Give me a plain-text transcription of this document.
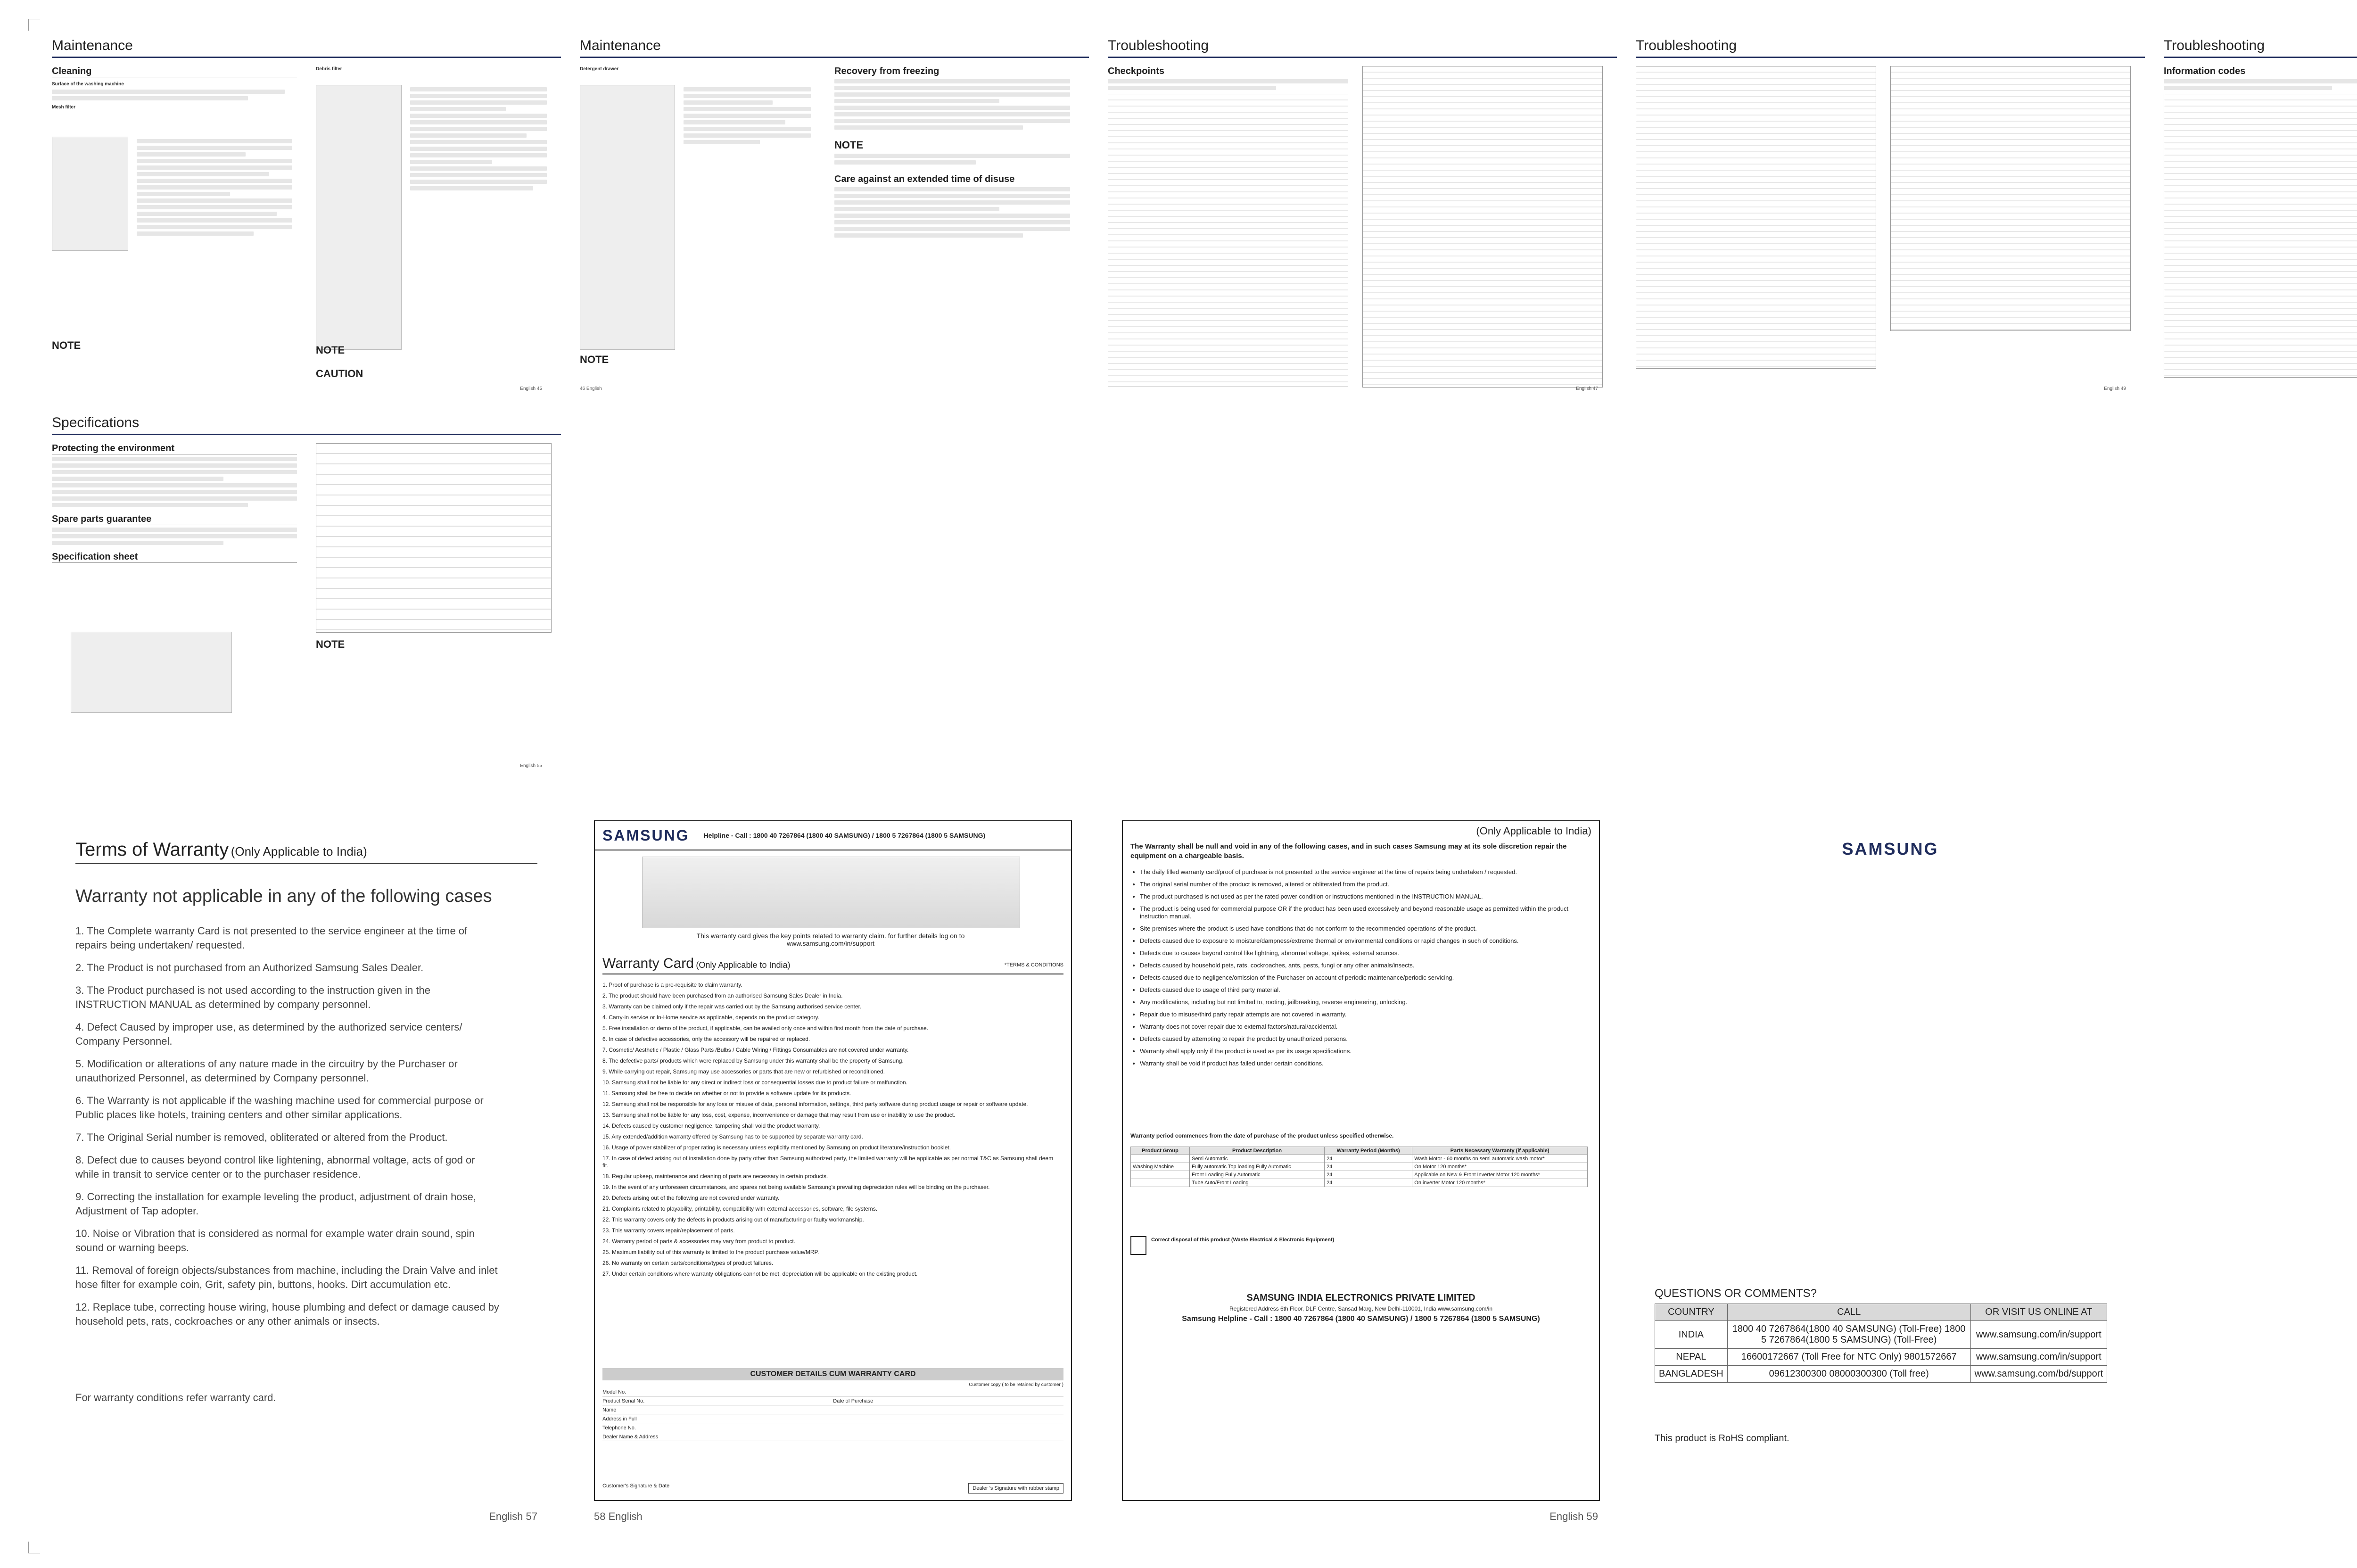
Maintenance
Cleaning
Surface of the washing machine
Mesh filter
NOTE
Debris filter
NOTE
CAUTION
English 45
Maintenance
Detergent drawer
NOTE
Recovery from freezing
NOTE
Care against an extended time of disuse
46 English
Troubleshooting
Checkpoints
English 47
Troubleshooting
English 49
Troubleshooting
Information codes
Specifications
Protecting the environment
Spare parts guarantee
Specification sheet
NOTE
English 55
Terms of Warranty (Only Applicable to India)
Warranty not applicable in any of the following cases
1. The Complete warranty Card is not presented to the service engineer at the time of repairs being undertaken/ requested.
2. The Product is not purchased from an Authorized Samsung Sales Dealer.
3. The Product purchased is not used according to the instruction given in the INSTRUCTION MANUAL as determined by company personnel.
4. Defect Caused by improper use, as determined by the authorized service centers/ Company Personnel.
5. Modification or alterations of any nature made in the circuitry by the Purchaser or unauthorized Personnel, as determined by Company personnel.
6. The Warranty is not applicable if the washing machine used for commercial purpose or Public places like hotels, training centers and other similar applications.
7. The Original Serial number is removed, obliterated or altered from the Product.
8. Defect due to causes beyond control like lightening, abnormal voltage, acts of god or while in transit to service center or to the purchaser residence.
9. Correcting the installation for example leveling the product, adjustment of drain hose, Adjustment of Tap adopter.
10. Noise or Vibration that is considered as normal for example water drain sound, spin sound or warning beeps.
11. Removal of foreign objects/substances from machine, including the Drain Valve and inlet hose filter for example coin, Grit, safety pin, buttons, hooks. Dirt accumulation etc.
12. Replace tube, correcting house wiring, house plumbing and defect or damage caused by household pets, rats, cockroaches or any other animals or insects.
For warranty conditions refer warranty card.
English 57
SAMSUNG Helpline - Call : 1800 40 7267864 (1800 40 SAMSUNG) / 1800 5 7267864 (1800 5 SAMSUNG)
This warranty card gives the key points related to warranty claim. for further details log on to www.samsung.com/in/support
Warranty Card (Only Applicable to India)	*TERMS & CONDITIONS
1. Proof of purchase is a pre-requisite to claim warranty.
2. The product should have been purchased from an authorised Samsung Sales Dealer in India.
3. Warranty can be claimed only if the repair was carried out by the Samsung authorised service center.
4. Carry-in service or In-Home service as applicable, depends on the product category.
5. Free installation or demo of the product, if applicable, can be availed only once and within first month from the date of purchase.
6. In case of defective accessories, only the accessory will be repaired or replaced.
7. Cosmetic/ Aesthetic / Plastic / Glass Parts /Bulbs / Cable Wiring / Fittings Consumables are not covered under warranty.
8. The defective parts/ products which were replaced by Samsung under this warranty shall be the property of Samsung.
9. While carrying out repair, Samsung may use accessories or parts that are new or refurbished or reconditioned.
10. Samsung shall not be liable for any direct or indirect loss or consequential losses due to product failure or malfunction.
11. Samsung shall be free to decide on whether or not to provide a software update for its products.
12. Samsung shall not be responsible for any loss or misuse of data, personal information, settings, third party software during product usage or repair or software update.
13. Samsung shall not be liable for any loss, cost, expense, inconvenience or damage that may result from use or inability to use the product.
14. Defects caused by customer negligence, tampering shall void the product warranty.
15. Any extended/addition warranty offered by Samsung has to be supported by separate warranty card.
16. Usage of power stabilizer of proper rating is necessary unless explicitly mentioned by Samsung on product literature/instruction booklet.
17. In case of defect arising out of installation done by party other than Samsung authorized party, the limited warranty will be applicable as per normal T&C as Samsung shall deem fit.
18. Regular upkeep, maintenance and cleaning of parts are necessary in certain products.
19. In the event of any unforeseen circumstances, and spares not being available Samsung's prevailing depreciation rules will be binding on the purchaser.
20. Defects arising out of the following are not covered under warranty.
21. Complaints related to playability, printability, compatibility with external accessories, software, file systems.
22. This warranty covers only the defects in products arising out of manufacturing or faulty workmanship.
23. This warranty covers repair/replacement of parts.
24. Warranty period of parts & accessories may vary from product to product.
25. Maximum liability out of this warranty is limited to the product purchase value/MRP.
26. No warranty on certain parts/conditions/types of product failures.
27. Under certain conditions where warranty obligations cannot be met, depreciation will be applicable on the existing product.
CUSTOMER DETAILS CUM WARRANTY CARD
Customer copy ( to be retained by customer )
Model No.
Product Serial No.	Date of Purchase
Name
Address in Full
Telephone No.
Dealer Name & Address
Customer's Signature & Date	Dealer 's Signature with rubber stamp
58 English
(Only Applicable to India)
The Warranty shall be null and void in any of the following cases, and in such cases Samsung may at its sole discretion repair the equipment on a chargeable basis.
• The daily filled warranty card/proof of purchase is not presented to the service engineer at the time of repairs being undertaken / requested.
• The original serial number of the product is removed, altered or obliterated from the product.
• The product purchased is not used as per the rated power condition or instructions mentioned in the INSTRUCTION MANUAL.
• The product is being used for commercial purpose OR if the product has been used excessively and beyond reasonable usage as permitted within the product instruction manual.
• Site premises where the product is used have conditions that do not conform to the recommended operations of the product.
• Defects caused due to exposure to moisture/dampness/extreme thermal or environmental conditions or rapid changes in such of conditions.
• Defects due to causes beyond control like lightning, abnormal voltage, spikes, external sources.
• Defects caused by household pets, rats, cockroaches, ants, pests, fungi or any other animals/insects.
• Defects caused due to negligence/omission of the Purchaser on account of periodic maintenance/periodic servicing.
• Defects caused due to usage of third party material.
• Any modifications, including but not limited to, rooting, jailbreaking, reverse engineering, unlocking.
• Repair due to misuse/third party repair attempts are not covered in warranty.
• Warranty does not cover repair due to external factors/natural/accidental.
• Defects caused by attempting to repair the product by unauthorized persons.
• Warranty shall apply only if the product is used as per its usage specifications.
• Warranty shall be void if product has failed under certain conditions.
Warranty period commences from the date of purchase of the product unless specified otherwise.
Product Group	Product Description	Warranty Period (Months)	Parts Necessary Warranty (if applicable)
	Semi Automatic	24	Wash Motor - 60 months on semi automatic wash motor*
Washing Machine	Fully automatic Top loading Fully Automatic	24	On Motor 120 months*
	Front Loading Fully Automatic	24	Applicable on New & Front Inverter Motor 120 months*
	Tube Auto/Front Loading	24	On inverter Motor 120 months*
Correct disposal of this product (Waste Electrical & Electronic Equipment)
SAMSUNG INDIA ELECTRONICS PRIVATE LIMITED
Registered Address 6th Floor, DLF Centre, Sansad Marg, New Delhi-110001, India www.samsung.com/in
Samsung Helpline - Call : 1800 40 7267864 (1800 40 SAMSUNG) / 1800 5 7267864 (1800 5 SAMSUNG)
English 59
SAMSUNG
QUESTIONS OR COMMENTS?
COUNTRY	CALL	OR VISIT US ONLINE AT
INDIA	1800 40 7267864(1800 40 SAMSUNG) (Toll-Free) 1800 5 7267864(1800 5 SAMSUNG) (Toll-Free)	www.samsung.com/in/support
NEPAL	16600172667 (Toll Free for NTC Only) 9801572667	www.samsung.com/in/support
BANGLADESH	09612300300 08000300300 (Toll free)	www.samsung.com/bd/support
This product is RoHS compliant.
